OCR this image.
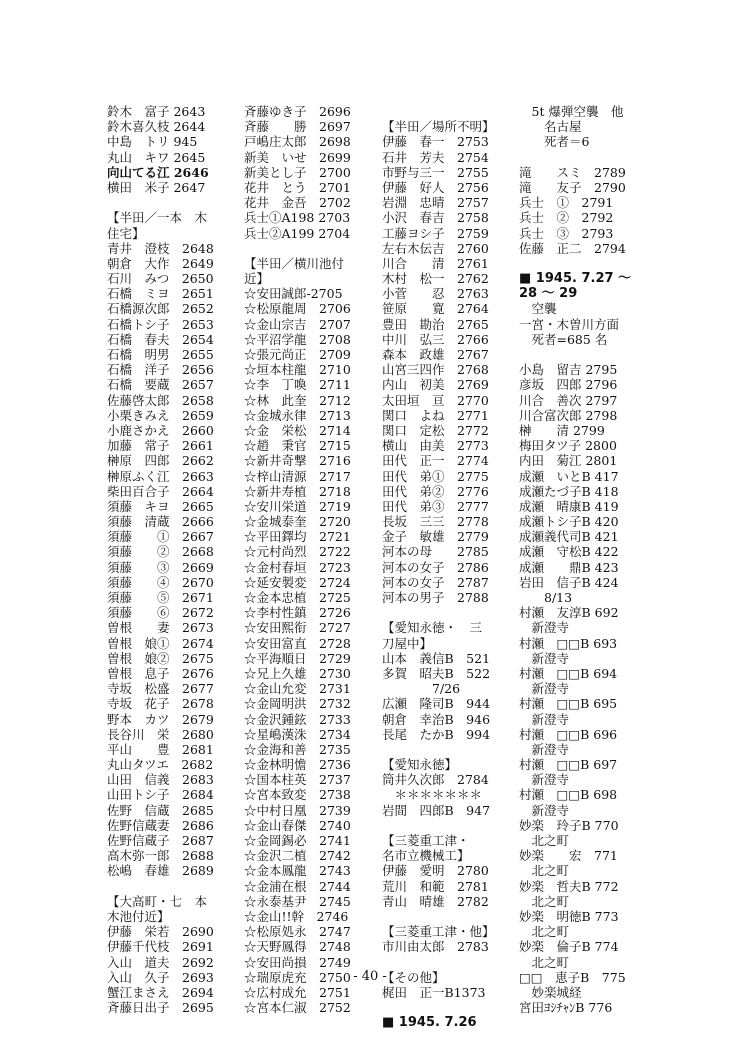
鈴木　富子 2643
鈴木喜久枝 2644
中島　トリ 945
丸山　キワ 2645
向山てる江 2646
横田　米子 2647
【半田／一本　木
住宅】
青井　澄枝　2648
朝倉　大作　2649
石川　みつ　2650
石橋　ミヨ　2651
石橋源次郎　2652
石橋トシ子　2653
石橋　春夫　2654
石橋　明男　2655
石橋　洋子　2656
石橋　要蔵　2657
佐藤啓太郎　2658
小栗きみえ　2659
小鹿さかえ　2660
加藤　常子　2661
榊原　四郎　2662
榊原ふく江　2663
柴田百合子　2664
須藤　キヨ　2665
須藤　清蔵　2666
須藤　　①　2667
須藤　　②　2668
須藤　　③　2669
須藤　　④　2670
須藤　　⑤　2671
須藤　　⑥　2672
曽根　　妻　2673
曽根　娘①　2674
曽根　娘②　2675
曽根　息子　2676
寺坂　松盛　2677
寺坂　花子　2678
野本　カツ　2679
長谷川　栄　2680
平山　　豊　2681
丸山タツエ　2682
山田　信義　2683
山田トシ子　2684
佐野　信蔵　2685
佐野信蔵妻　2686
佐野信蔵子　2687
高木弥一郎　2688
松嶋　春雄　2689
【大高町・七　本
木池付近】
伊藤　栄若　2690
伊藤千代枝　2691
入山　道夫　2692
入山　久子　2693
蟹江まさえ　2694
斉藤日出子　2695
斉藤ゆき子　2696
斉藤　　勝　2697
戸嶋庄太郎　2698
新美　いせ　2699
新美とし子　2700
花井　とう　2701
花井　金吾　2702
兵士①A198 2703
兵士②A199 2704
【半田／横川池付
近】
☆安田誠郎-2705
☆松原龍周　2706
☆金山宗吉　2707
☆平沼学龍　2708
☆張元尚正　2709
☆垣本柱龍　2710
☆李　丁喚　2711
☆林　此奎　2712
☆金城永律　2713
☆金　栄松　2714
☆趙　秉官　2715
☆新井奇撃　2716
☆梓山清源　2717
☆新井寿植　2718
☆安川栄道　2719
☆金城泰奎　2720
☆平田鐸均　2721
☆元村尚烈　2722
☆金村春垣　2723
☆延安製変　2724
☆金本忠植　2725
☆李村性鎮　2726
☆安田熙衔　2727
☆安田富直　2728
☆平海順日　2729
☆兄上久雄　2730
☆金山允変　2731
☆金岡明洪　2732
☆金沢鍾鉉　2733
☆星嶋漢洙　2734
☆金海和善　2735
☆金林明憺　2736
☆国本柱英　2737
☆宮本致変　2738
☆中村日凰　2739
☆金山春傑　2740
☆金岡錫必　2741
☆金沢二植　2742
☆金本鳳龍　2743
☆金浦在根　2744
☆永泰基尹　2745
☆金山!!幹　2746
☆松原処永　2747
☆天野鳳得　2748
☆安田尚損　2749
☆瑞原虎充　2750
☆広村成允　2751
☆宮本仁淑　2752
【半田／場所不明】
伊藤　春一　2753
石井　芳夫　2754
市野与三一　2755
伊藤　好人　2756
岩淵　忠晴　2757
小沢　春吉　2758
工藤ヨシ子　2759
左右木伝吉　2760
川合　　清　2761
木村　松一　2762
小菅　　忍　2763
笹原　　寛　2764
豊田　勘治　2765
中川　弘三　2766
森本　政雄　2767
山宮三四作　2768
内山　初美　2769
太田垣　亘　2770
関口　よね　2771
関口　定松　2772
横山　由美　2773
田代　正一　2774
田代　弟①　2775
田代　弟②　2776
田代　弟③　2777
長坂　三三　2778
金子　敏雄　2779
河本の母　　2785
河本の女子　2786
河本の女子　2787
河本の男子　2788
【愛知永徳・　三
刀屋中】
山本　義信B　521
多賀　昭夫B　522
　　　　7/26
広瀬　隆司B　944
朝倉　幸治B　946
長尾　たかB　994
【愛知永徳】
筒井久次郎　2784
　＊＊＊＊＊＊＊
岩間　四郎B　947
【三菱重工津・
名市立機械工】
伊藤　愛明　2780
荒川　和範　2781
青山　晴雄　2782
【三菱重工津・他】
市川由太郎　2783
【その他】
梶田　正一B1373
■ 1945. 7.26
　5t 爆弾空襲　他
　　名古屋
　　死者＝6
滝　　スミ　2789
滝　　友子　2790
兵士　①　2791
兵士　②　2792
兵士　③　2793
佐藤　正二　2794
■ 1945. 7.27 ～
28 ～ 29
　空襲
一宮・木曽川方面
　死者=685 名
小島　留吉 2795
彦坂　四郎 2796
川合　善次 2797
川合富次郎 2798
榊　　清 2799
梅田タツ子 2800
内田　菊江 2801
成瀬　いとB 417
成瀬たづ子B 418
成瀬　晴康B 419
成瀬トシ子B 420
成瀬義代司B 421
成瀬　守松B 422
成瀬　　鼎B 423
岩田　信子B 424
　　8/13
村瀬　友淳B 692
　新澄寺
村瀬　□□B 693
　新澄寺
村瀬　□□B 694
　新澄寺
村瀬　□□B 695
　新澄寺
村瀬　□□B 696
　新澄寺
村瀬　□□B 697
　新澄寺
村瀬　□□B 698
　新澄寺
妙楽　玲子B 770
　北之町
妙楽　　宏　771
　北之町
妙楽　哲夫B 772
　北之町
妙楽　明徳B 773
　北之町
妙楽　倫子B 774
　北之町
□□　恵子B　775
　妙楽城経
宮田ﾖｼﾁｬﾝB 776
- 40 -
